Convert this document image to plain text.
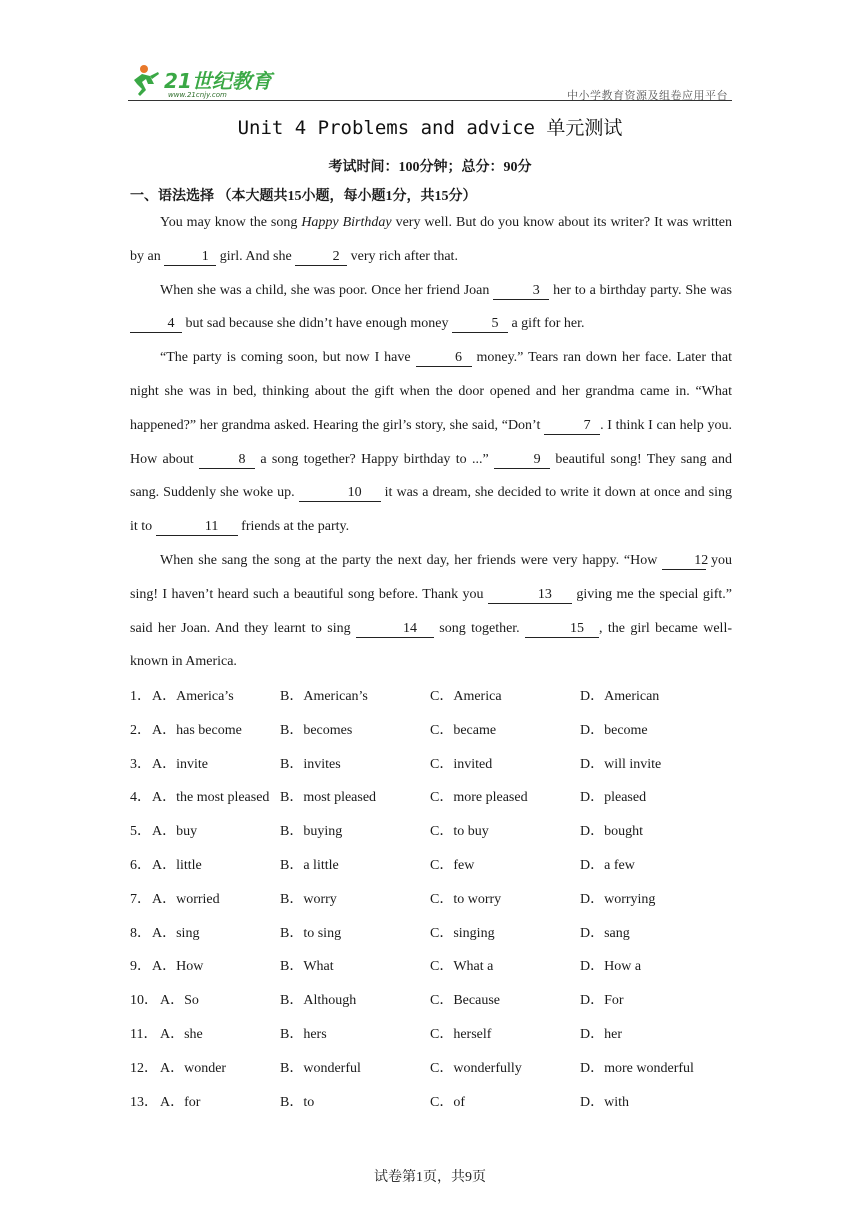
21世纪教育
www.21cnjy.com	中小学教育资源及组卷应用平台
Unit 4 Problems and advice 单元测试
考试时间：100分钟；总分：90分
一、语法选择 （本大题共15小题，每小题1分，共15分）

You may know the song Happy Birthday very well. But do you know about its writer? It was written by an	1 girl. And she	2 very rich after that.

When she was a child, she was poor. Once her friend Joan	3 her to a birthday party. She was 4 but sad because she didn’t have enough money	5 a gift for her.

“The party is coming soon, but now I have	6 money.” Tears ran down her face. Later that night she was in bed, thinking about the gift when the door opened and her grandma came in. “What happened?” her grandma asked. Hearing the girl’s story, she said, “Don’t	7 . I think I can help you. How about	8 a song together? Happy birthday to ...”	9 beautiful song! They sang and sang. Suddenly she woke up.	10 it was a dream, she decided to write it down at once and sing it to	11 friends at the party.

When she sang the song at the party the next day, her friends were very happy. “How 12 you sing! I haven’t heard such a beautiful song before. Thank you	13 giving me the special gift.” said her Joan. And they learnt to sing	14 song together.	15 , the girl became well-known in America.

1． A．America’s	B．American’s	C．America	D．American
2． A．has become	B．becomes	C．became	D．become
3． A．invite	B．invites	C．invited	D．will invite
4． A．the most pleased B．most pleased	C．more pleased	D．pleased
5． A．buy	B．buying	C．to buy	D．bought
6． A．little	B．a little	C．few	D．a few
7． A．worried	B．worry	C．to worry	D．worrying
8． A．sing	B．to sing	C．singing	D．sang
9． A．How	B．What	C．What a	D．How a
10． A．So	B．Although	C．Because	D．For
11． A．she	B．hers	C．herself	D．her
12． A．wonder	B．wonderful	C．wonderfully	D．more wonderful
13． A．for	B．to	C．of	D．with
试卷第1页，共9页
